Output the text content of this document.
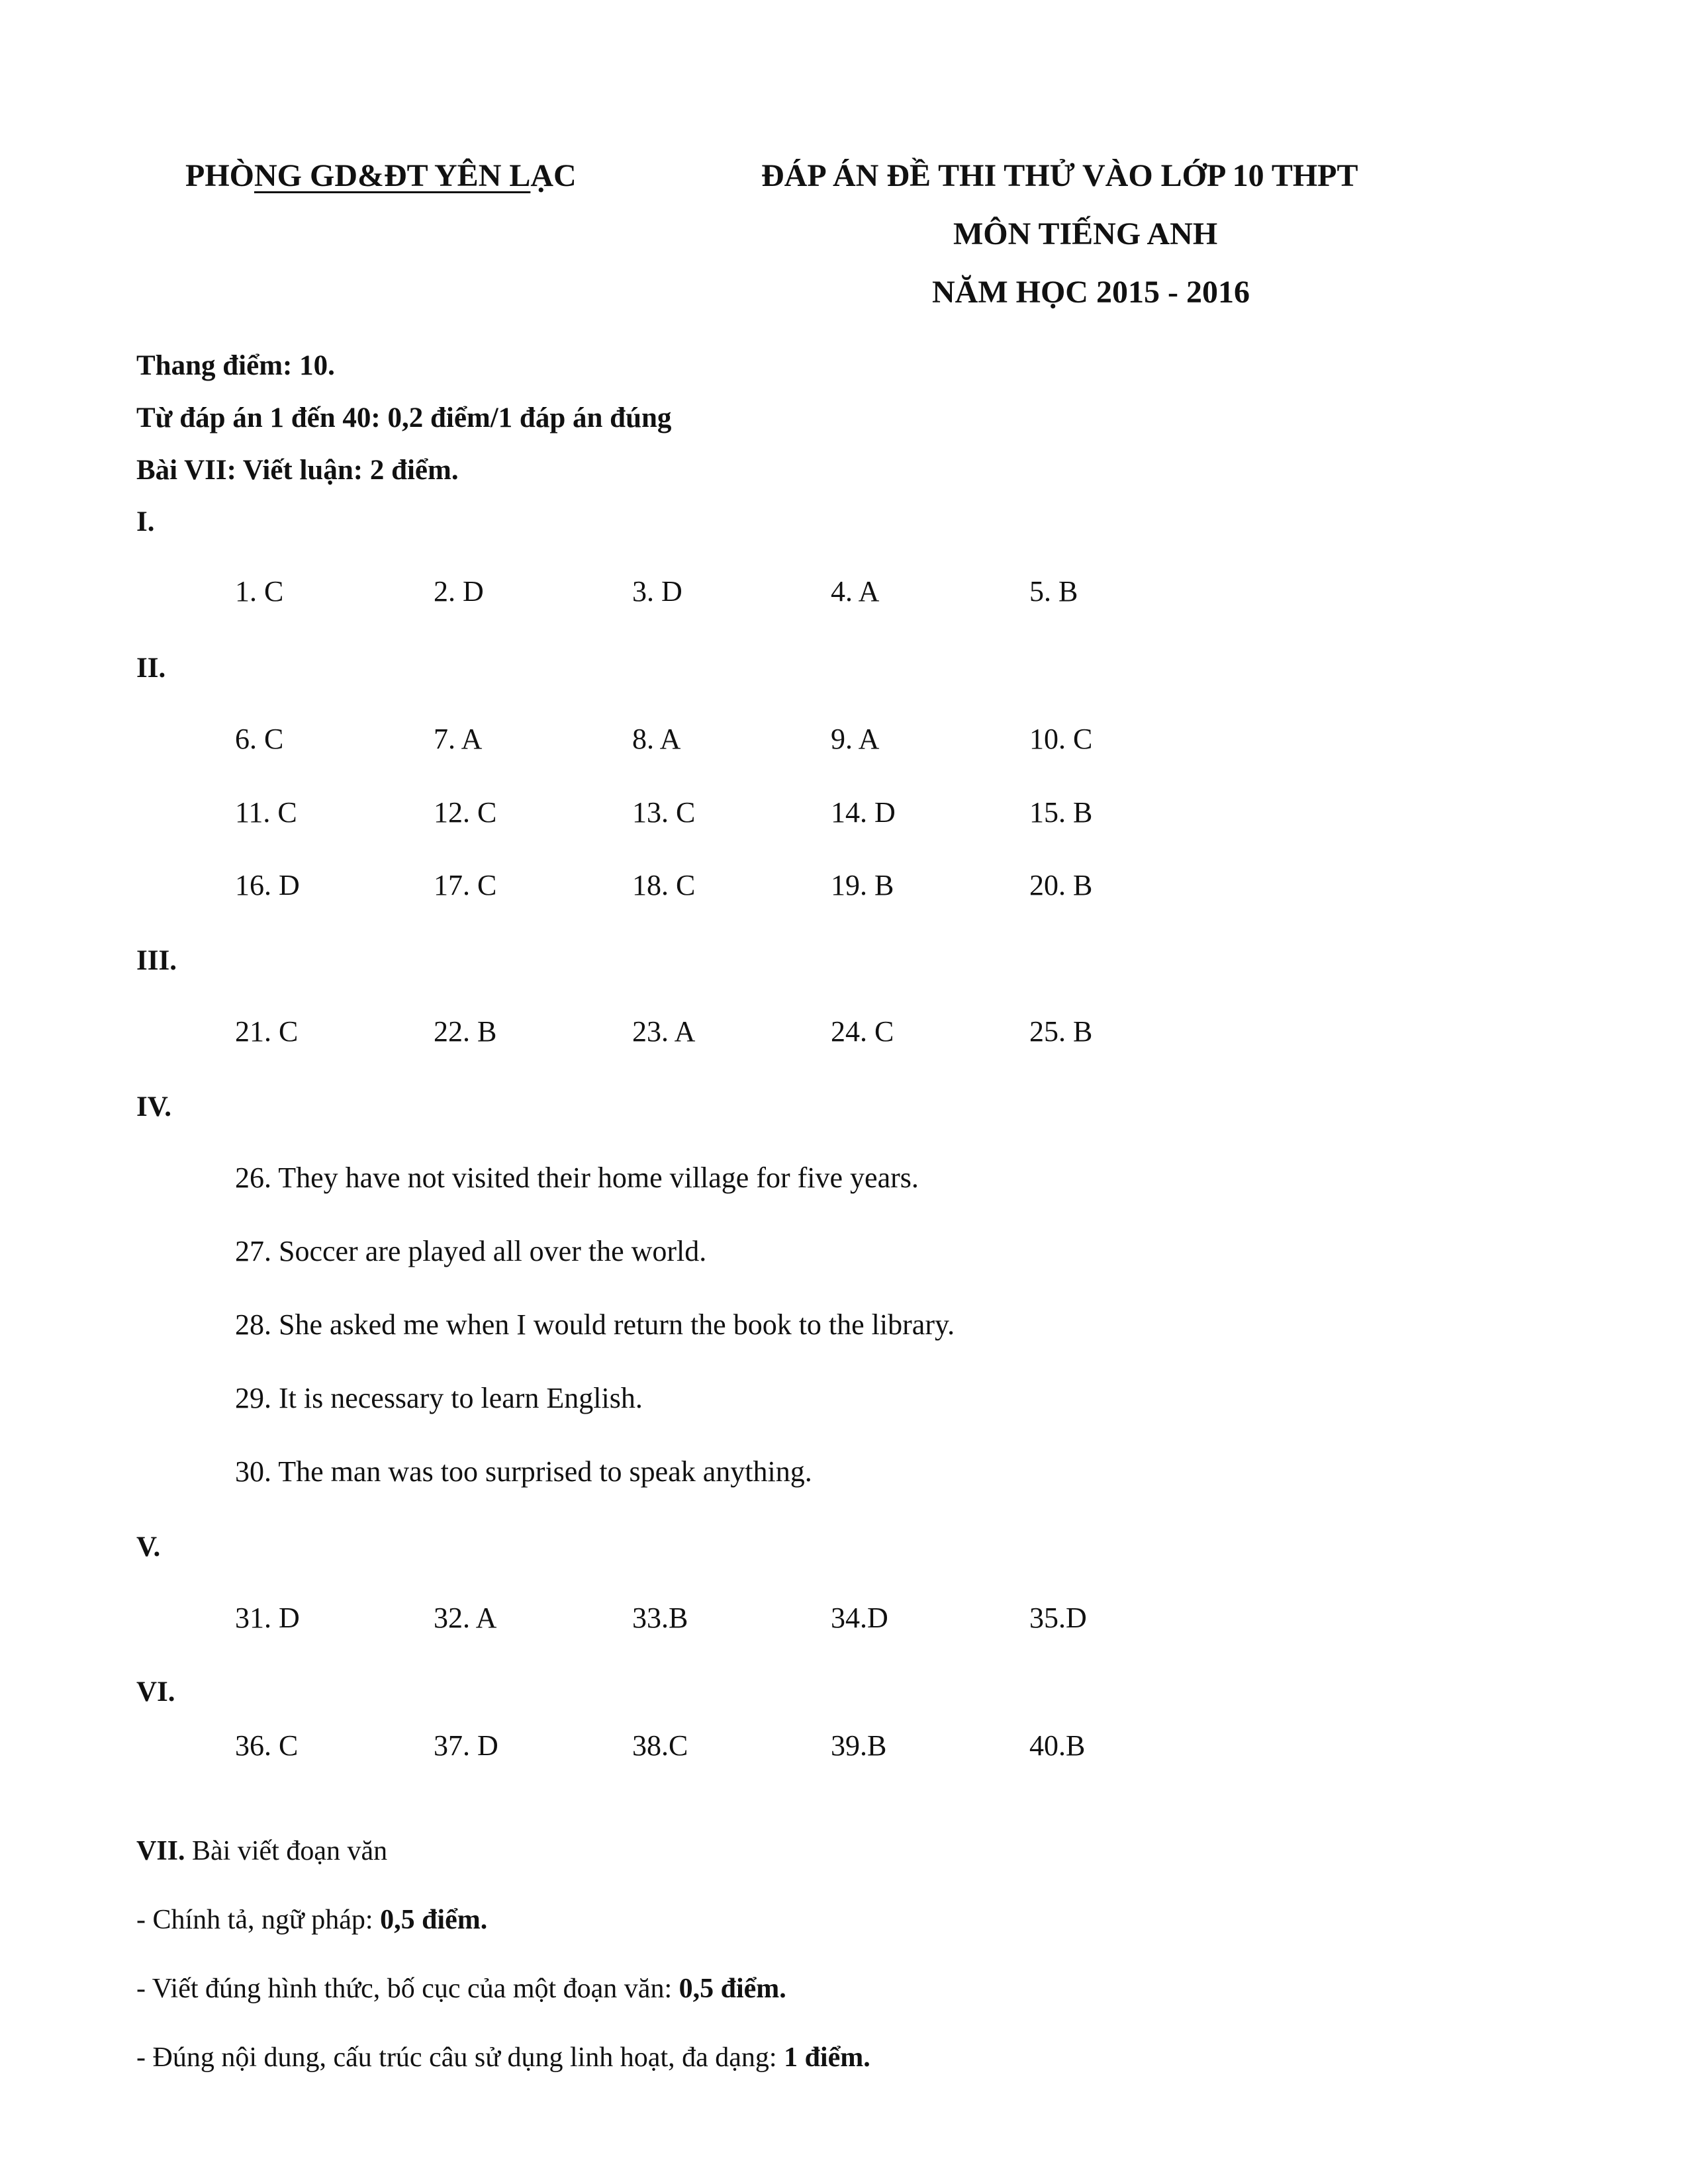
PHÒNG GD&ĐT YÊN LẠC	ĐÁP ÁN ĐỀ THI THỬ VÀO LỚP 10 THPT
MÔN TIẾNG ANH
NĂM HỌC 2015 - 2016
Thang điểm: 10.
Từ đáp án 1 đến 40: 0,2 điểm/1 đáp án đúng
Bài VII: Viết luận: 2 điểm.
I.
1. C	2. D	3. D	4. A	5. B
II.
6. C	7. A	8. A	9. A	10. C
11. C	12. C	13. C	14. D	15. B
16. D	17. C	18. C	19. B	20. B
III.
21. C	22. B	23. A	24. C	25. B
IV.
26. They have not visited their home village for five years.
27. Soccer are played all over the world.
28. She asked me when I would return the book to the library.
29. It is necessary to learn English.
30. The man was too surprised to speak anything.
V.
31. D	32. A	33.B	34.D	35.D
VI.
36. C	37. D	38.C	39.B	40.B
VII. Bài viết đoạn văn
- Chính tả, ngữ pháp: 0,5 điểm.
- Viết đúng hình thức, bố cục của một đoạn văn: 0,5 điểm.
- Đúng nội dung, cấu trúc câu sử dụng linh hoạt, đa dạng: 1 điểm.
